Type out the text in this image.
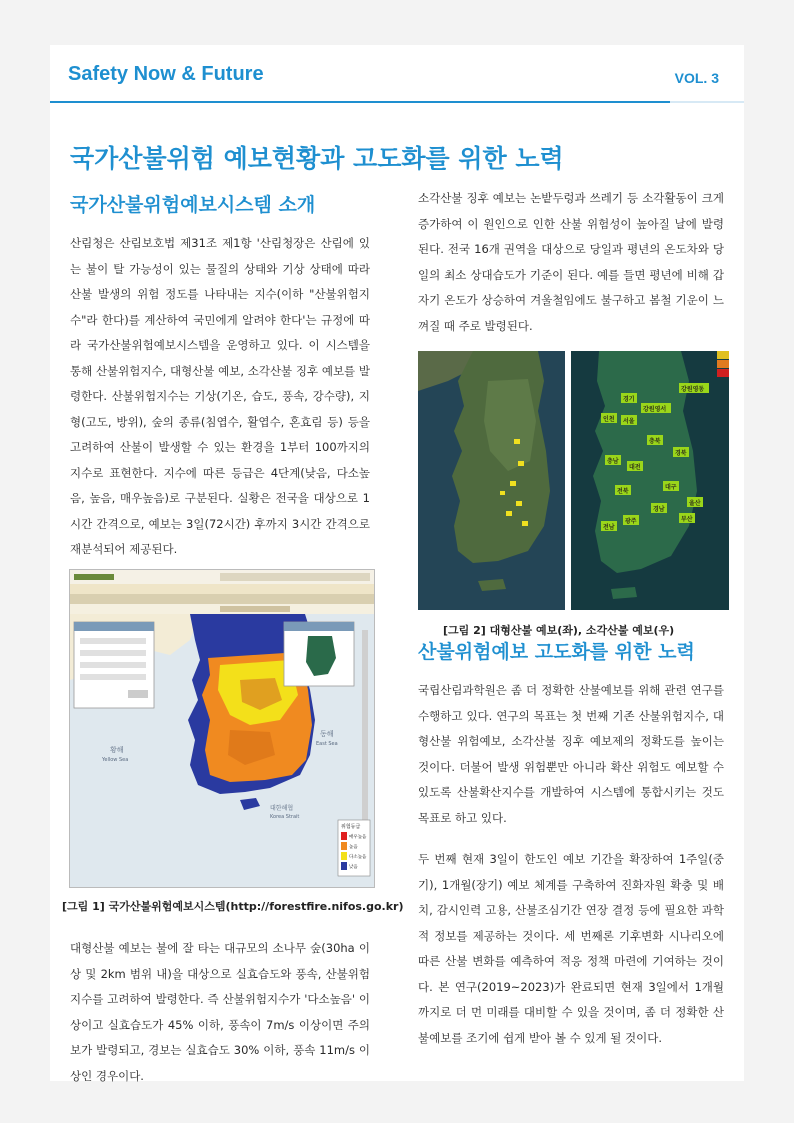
Safety Now & Future	VOL. 3
국가산불위험 예보현황과 고도화를 위한 노력
국가산불위험예보시스템 소개

산림청은 산림보호법 제31조 제1항 '산림청장은 산림에 있는 불이 탈 가능성이 있는 물질의 상태와 기상 상태에 따라 산불 발생의 위험 정도를 나타내는 지수(이하 "산불위험지수"라 한다)를 계산하여 국민에게 알려야 한다'는 규정에 따라 국가산불위험예보시스템을 운영하고 있다. 이 시스템을 통해 산불위험지수, 대형산불 예보, 소각산불 징후 예보를 발령한다. 산불위험지수는 기상(기온, 습도, 풍속, 강수량), 지형(고도, 방위), 숲의 종류(침엽수, 활엽수, 혼효림 등) 등을 고려하여 산불이 발생할 수 있는 환경을 1부터 100까지의 지수로 표현한다. 지수에 따른 등급은 4단계(낮음, 다소높음, 높음, 매우높음)로 구분된다. 실황은 전국을 대상으로 1시간 간격으로, 예보는 3일(72시간) 후까지 3시간 간격으로 재분석되어 제공된다.

황해
Yellow Sea
동해
East Sea
대한해협
Korea Strait
위험등급
매우높음
높음
다소높음
낮음
[그림 1] 국가산불위험예보시스템(http://forestfire.nifos.go.kr)

대형산불 예보는 불에 잘 타는 대규모의 소나무 숲(30ha 이상 및 2km 범위 내)을 대상으로 실효습도와 풍속, 산불위험지수를 고려하여 발령한다. 즉 산불위험지수가 '다소높음' 이상이고 실효습도가 45% 이하, 풍속이 7m/s 이상이면 주의보가 발령되고, 경보는 실효습도 30% 이하, 풍속 11m/s 이상인 경우이다.

소각산불 징후 예보는 논밭두렁과 쓰레기 등 소각활동이 크게 증가하여 이 원인으로 인한 산불 위험성이 높아질 날에 발령된다. 전국 16개 권역을 대상으로 당일과 평년의 온도차와 당일의 최소 상대습도가 기준이 된다. 예를 들면 평년에 비해 갑자기 온도가 상승하여 겨울철임에도 불구하고 봄철 기운이 느껴질 때 주로 발령된다.

강원영동
경기
강원영서
인천 서울
충북
충남
대전
경북
전북
대구
경남
울산
부산
광주
전남
[그림 2] 대형산불 예보(좌), 소각산불 예보(우)
산불위험예보 고도화를 위한 노력

국립산림과학원은 좀 더 정확한 산불예보를 위해 관련 연구를 수행하고 있다. 연구의 목표는 첫 번째 기존 산불위험지수, 대형산불 위험예보, 소각산불 징후 예보제의 정확도를 높이는 것이다. 더불어 발생 위험뿐만 아니라 확산 위험도 예보할 수 있도록 산불확산지수를 개발하여 시스템에 통합시키는 것도 목표로 하고 있다.

두 번째 현재 3일이 한도인 예보 기간을 확장하여 1주일(중기), 1개월(장기) 예보 체계를 구축하여 진화자원 확충 및 배치, 감시인력 고용, 산불조심기간 연장 결정 등에 필요한 과학적 정보를 제공하는 것이다. 세 번째론 기후변화 시나리오에 따른 산불 변화를 예측하여 적응 정책 마련에 기여하는 것이다. 본 연구(2019~2023)가 완료되면 현재 3일에서 1개월까지로 더 먼 미래를 대비할 수 있을 것이며, 좀 더 정확한 산불예보를 조기에 쉽게 받아 볼 수 있게 될 것이다.
